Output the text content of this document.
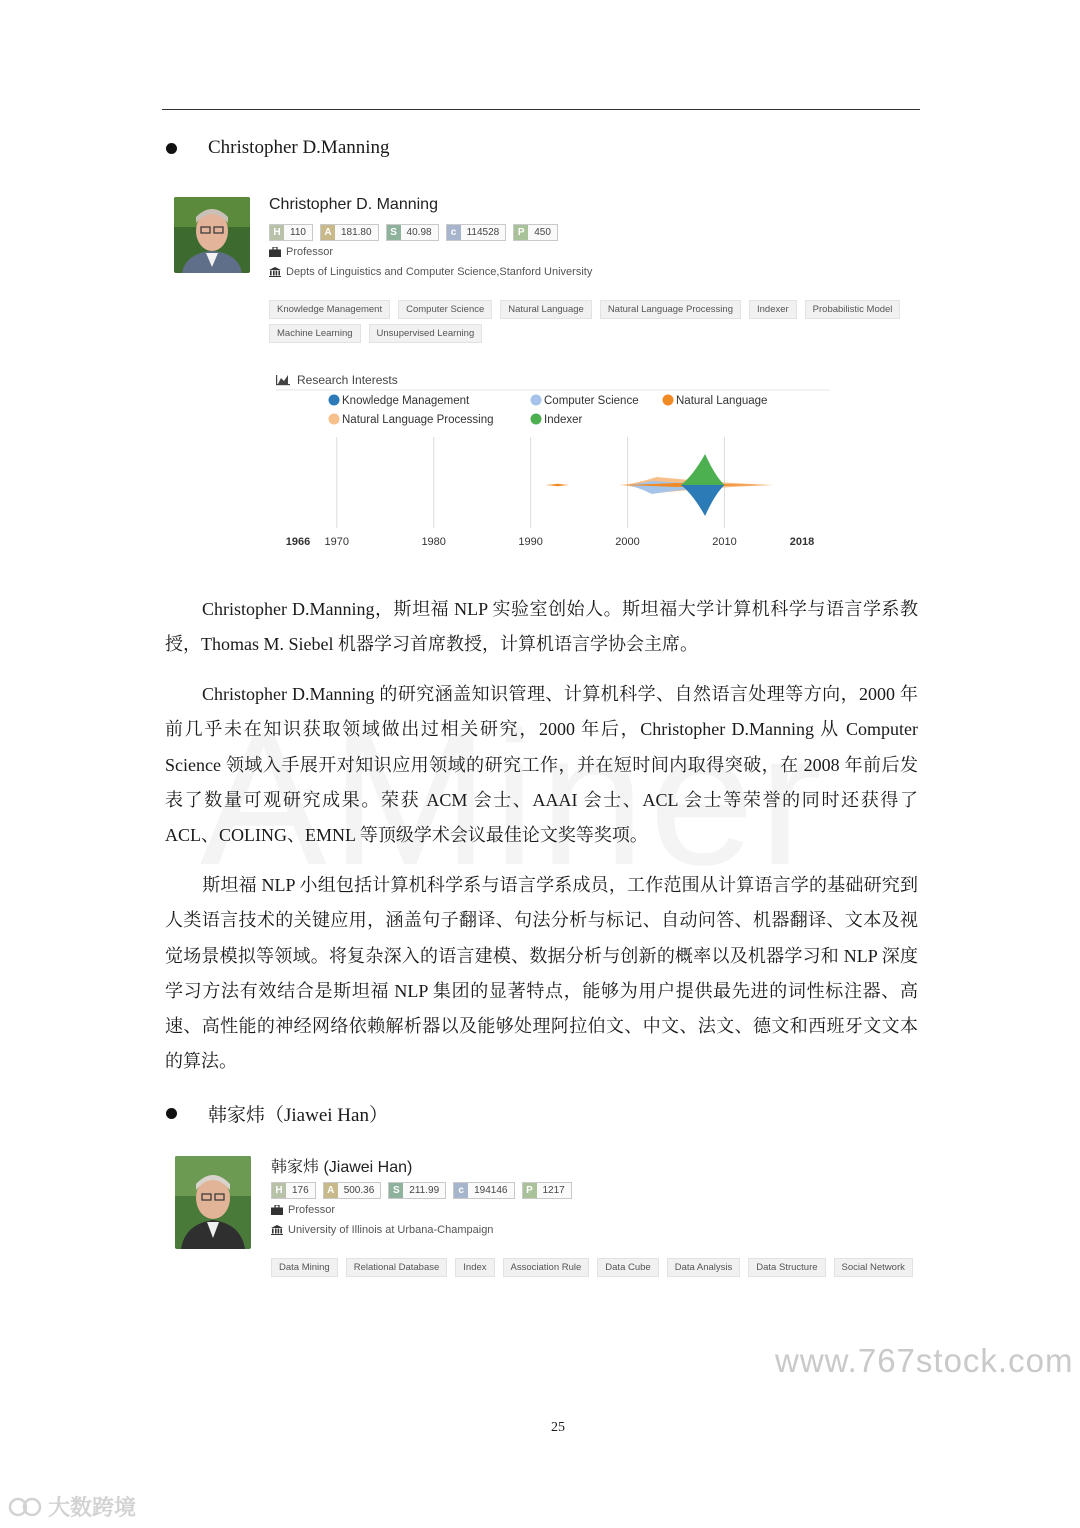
Christopher D.Manning
Christopher D. Manning
H 110	A 181.80	S 40.98	c	114528	P 450
Professor
Depts of Linguistics and Computer Science,Stanford University
Knowledge Management	Computer Science	Natural Language	Natural Language Processing	Indexer	Probabilistic Model
Machine Learning	Unsupervised Learning
Research Interests
Knowledge Management	Computer Science	Natural Language
Natural Language Processing	Indexer
1966 1970	1980	1990	2000	2010	2018
Christopher D.Manning，斯坦福 NLP 实验室创始人。斯坦福大学计算机科学与语言学系教授，Thomas M. Siebel 机器学习首席教授，计算机语言学协会主席。
Christopher D.Manning 的研究涵盖知识管理、计算机科学、自然语言处理等方向，2000 年前几乎未在知识获取领域做出过相关研究，2000 年后，Christopher D.Manning 从 Computer Science 领域入手展开对知识应用领域的研究工作，并在短时间内取得突破，在 2008 年前后发表了数量可观研究成果。荣获 ACM 会士、AAAI 会士、ACL 会士等荣誉的同时还获得了 ACL、COLING、EMNL 等顶级学术会议最佳论文奖等奖项。
斯坦福 NLP 小组包括计算机科学系与语言学系成员，工作范围从计算语言学的基础研究到人类语言技术的关键应用，涵盖句子翻译、句法分析与标记、自动问答、机器翻译、文本及视觉场景模拟等领域。将复杂深入的语言建模、数据分析与创新的概率以及机器学习和 NLP 深度学习方法有效结合是斯坦福 NLP 集团的显著特点，能够为用户提供最先进的词性标注器、高速、高性能的神经网络依赖解析器以及能够处理阿拉伯文、中文、法文、德文和西班牙文文本的算法。
韩家炜（Jiawei Han）
韩家炜 (Jiawei Han)
H 176	A 500.36	S 211.99	c	194146	P 1217
Professor
University of Illinois at Urbana-Champaign
Data Mining	Relational Database	Index	Association Rule	Data Cube	Data Analysis	Data Structure	Social Network
www.767stock.com
25
大数跨境
